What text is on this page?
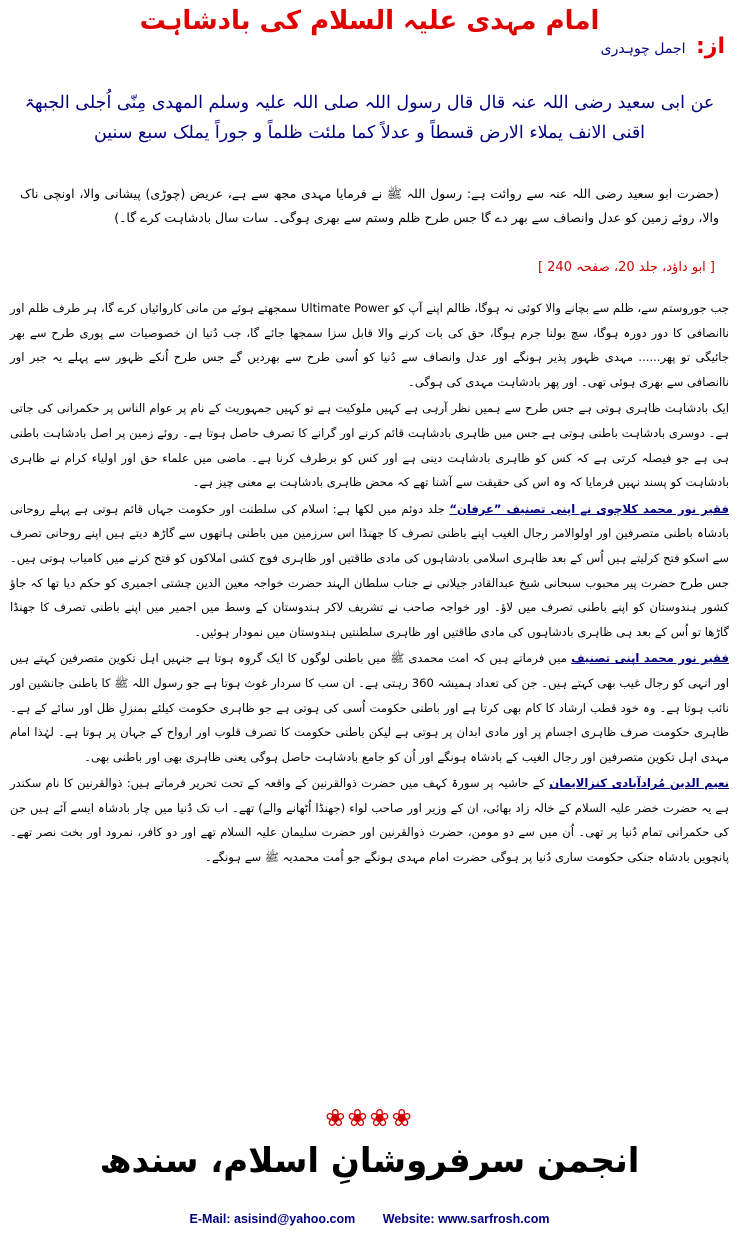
امام مہدی علیہ السلام کی بادشاہت
از: اجمل چوہدری
عن ابی سعید رضی اللہ عنہ قال قال رسول اللہ صلی اللہ علیہ وسلم المھدی مِنّی اُجلی الجبھۃ اقنی الانف یملاء الارض قسطاً و عدلاً کما ملئت ظلماً و جوراً یملک سبع سنین
(حضرت ابو سعید رضی اللہ عنہ سے روائت ہے: رسول اللہ ﷺ نے فرمایا مہدی مجھ سے ہے، عریض (چوڑی) پیشانی والا، اونچی ناک والا، روئے زمین کو عدل وانصاف سے بھر دے گا جس طرح ظلم وستم سے بھری ہوگی۔ سات سال بادشاہت کرے گا۔)
[ ابو داؤد، جلد 20، صفحہ 240 ]

جب جوروستم سے، ظلم سے بچانے والا کوئی نہ ہوگا، ظالم اپنے آپ کو Ultimate Power سمجھتے ہوئے من مانی کاروائیاں کرے گا، ہر طرف ظلم اور ناانصافی کا دور دورہ ہوگا، سچ بولنا جرم ہوگا، حق کی بات کرنے والا قابل سزا سمجھا جائے گا، جب دُنیا ان خصوصیات سے پوری طرح سے بھر جائیگی تو پھر...... مہدی ظہور پذیر ہونگے اور عدل وانصاف سے دُنیا کو اُسی طرح سے بھردیں گے جس طرح اُنکے ظہور سے پہلے یہ جبر اور ناانصافی سے بھری ہوئی تھی۔ اور پھر بادشاہت مہدی کی ہوگی۔

ایک بادشاہت ظاہری ہوتی ہے جس طرح سے ہمیں نظر آرہی ہے کہیں ملوکیت ہے تو کہیں جمہوریت کے نام پر عوام الناس پر حکمرانی کی جاتی ہے۔ دوسری بادشاہت باطنی ہوتی ہے جس میں ظاہری بادشاہت قائم کرنے اور گرانے کا تصرف حاصل ہوتا ہے۔ روئے زمین پر اصل بادشاہت باطنی ہی ہے جو فیصلہ کرتی ہے کہ کس کو ظاہری بادشاہت دینی ہے اور کس کو برطرف کرنا ہے۔ ماضی میں علماء حق اور اولیاء کرام نے ظاہری بادشاہت کو پسند نہیں فرمایا کہ وہ اس کی حقیقت سے آشنا تھے کہ محض ظاہری بادشاہت بے معنی چیز ہے۔

فقیر نور محمد کلاچوی نے اپنی تصنیف ”عرفان“ جلد دوئم میں لکھا ہے: اسلام کی سلطنت اور حکومت جہاں قائم ہوتی ہے پہلے روحانی بادشاہ باطنی متصرفین اور اولوالامر رجال الغیب اپنے باطنی تصرف کا جھنڈا اس سرزمین میں باطنی ہاتھوں سے گاڑھ دیتے ہیں اپنے روحانی تصرف سے اسکو فتح کرلیتے ہیں اُس کے بعد ظاہری اسلامی بادشاہوں کی مادی طاقتیں اور ظاہری فوج کشی املاکوں کو فتح کرنے میں کامیاب ہوتی ہیں۔ جس طرح حضرت پیر محبوب سبحانی شیخ عبدالقادر جیلانی نے جناب سلطان الہند حضرت خواجہ معین الدین چشتی اجمیری کو حکم دیا تھا کہ جاؤ کشور ہندوستان کو اپنے باطنی تصرف میں لاؤ۔ اور خواجہ صاحب نے تشریف لاکر ہندوستان کے وسط میں اجمیر میں اپنے باطنی تصرف کا جھنڈا گاڑھا تو اُس کے بعد ہی ظاہری بادشاہوں کی مادی طاقتیں اور ظاہری سلطنتیں ہندوستان میں نمودار ہوئیں۔

فقیر نور محمد اپنی تصنیف میں فرماتے ہیں کہ امت محمدی ﷺ میں باطنی لوگوں کا ایک گروہ ہوتا ہے جنہیں اہل تکوین متصرفین کہتے ہیں اور انہی کو رجال غیب بھی کہتے ہیں۔ جن کی تعداد ہمیشہ 360 رہتی ہے۔ ان سب کا سردار غوث ہوتا ہے جو رسول اللہ ﷺ کا باطنی جانشین اور نائب ہوتا ہے۔ وہ خود قطب ارشاد کا کام بھی کرتا ہے اور باطنی حکومت اُسی کی ہوتی ہے جو ظاہری حکومت کیلئے بمنزلِ ظل اور سائے کے ہے۔ ظاہری حکومت صرف ظاہری اجسام پر اور مادی ابدان پر ہوتی ہے لیکن باطنی حکومت کا تصرف قلوب اور ارواح کے جہان پر ہوتا ہے۔ لہٰذا امام مہدی اہل تکوین متصرفین اور رجال الغیب کے بادشاہ ہونگے اور اُن کو جامع بادشاہت حاصل ہوگی یعنی ظاہری بھی اور باطنی بھی۔

نعیم الدین مُرادآبادی کنزالایمان کے حاشیہ پر سورۃ کہف میں حضرت ذوالقرنین کے واقعہ کے تحت تحریر فرماتے ہیں: ذوالقرنین کا نام سکندر ہے یہ حضرت خضر علیہ السلام کے خالہ زاد بھائی، ان کے وزیر اور صاحب لواء (جھنڈا اُٹھانے والے) تھے۔ اب تک دُنیا میں چار بادشاہ ایسے آئے ہیں جن کی حکمرانی تمام دُنیا پر تھی۔ اُن میں سے دو مومن، حضرت ذوالقرنین اور حضرت سلیمان علیہ السلام تھے اور دو کافر، نمرود اور بخت نصر تھے۔ پانچویں بادشاہ جنکی حکومت ساری دُنیا پر ہوگی حضرت امام مہدی ہونگے جو اُمت محمدیہ ﷺ سے ہونگے۔

❀❀❀❀
انجمن سرفروشانِ اسلام، سندھ
E-Mail: asisind@yahoo.com Website: www.sarfrosh.com
